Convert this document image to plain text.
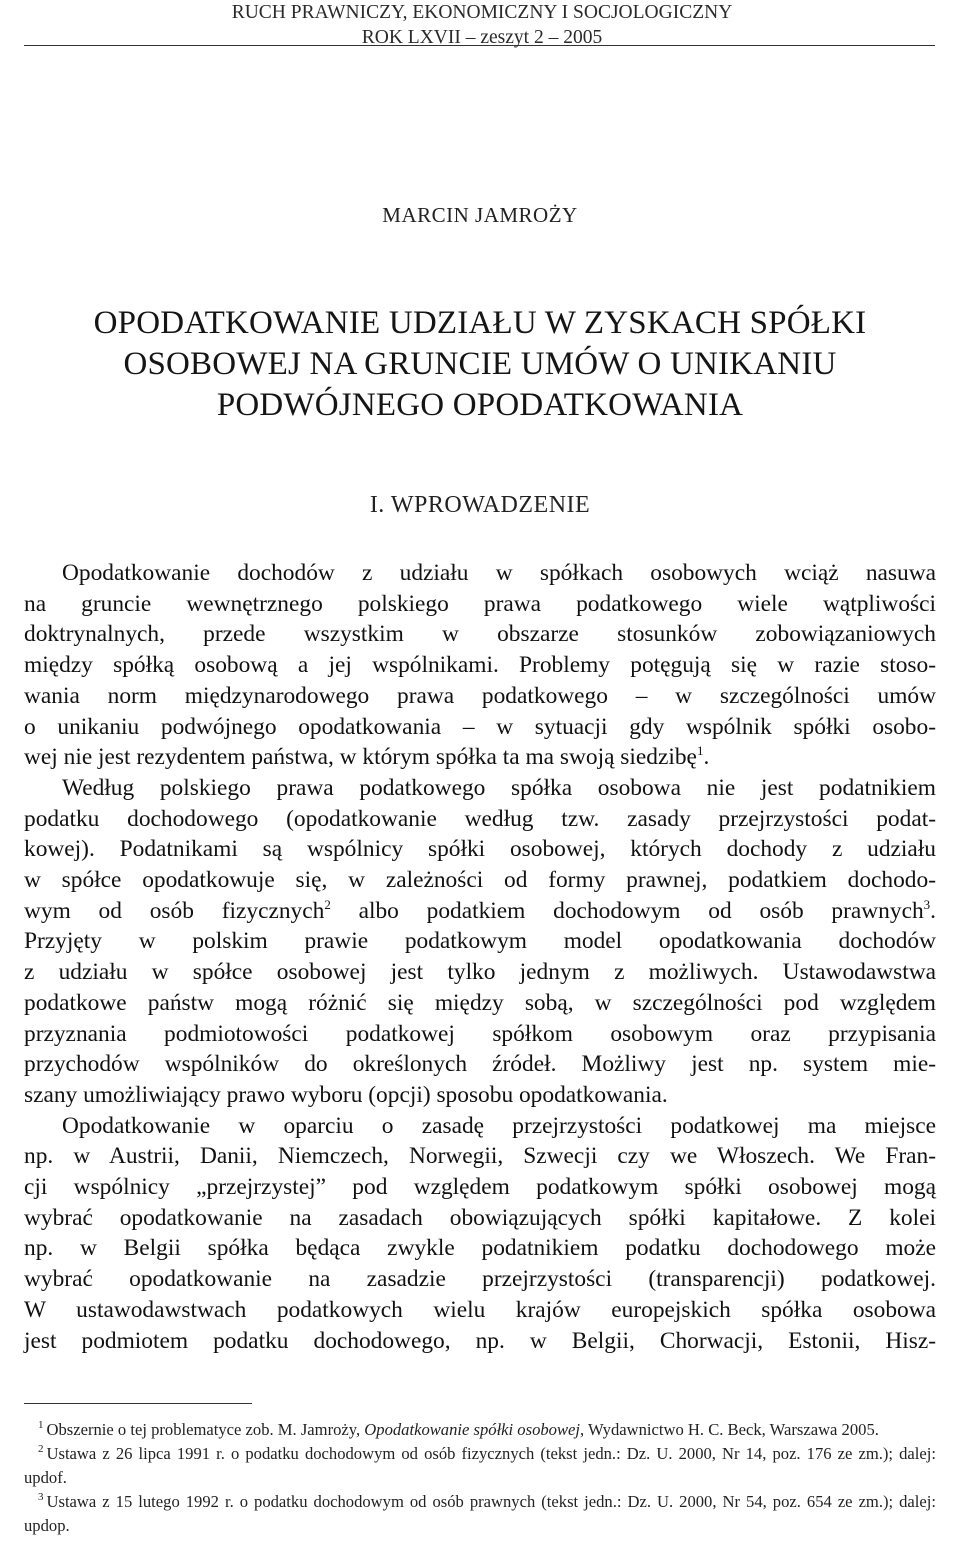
RUCH PRAWNICZY, EKONOMICZNY I SOCJOLOGICZNY
ROK LXVII – zeszyt 2 – 2005
MARCIN JAMROŻY
OPODATKOWANIE UDZIAŁU W ZYSKACH SPÓŁKI
OSOBOWEJ NA GRUNCIE UMÓW O UNIKANIU
PODWÓJNEGO OPODATKOWANIA
I. WPROWADZENIE

Opodatkowanie dochodów z udziału w spółkach osobowych wciąż nasuwa

na gruncie wewnętrznego polskiego prawa podatkowego wiele wątpliwości

doktrynalnych, przede wszystkim w obszarze stosunków zobowiązaniowych

między spółką osobową a jej wspólnikami. Problemy potęgują się w razie stoso-

wania norm międzynarodowego prawa podatkowego – w szczególności umów

o unikaniu podwójnego opodatkowania – w sytuacji gdy wspólnik spółki osobo-

wej nie jest rezydentem państwa, w którym spółka ta ma swoją siedzibę$^1$.

Według polskiego prawa podatkowego spółka osobowa nie jest podatnikiem

podatku dochodowego (opodatkowanie według tzw. zasady przejrzystości podat-

kowej). Podatnikami są wspólnicy spółki osobowej, których dochody z udziału

w spółce opodatkowuje się, w zależności od formy prawnej, podatkiem dochodo-

wym od osób fizycznych$^2$ albo podatkiem dochodowym od osób prawnych$^3$.

Przyjęty w polskim prawie podatkowym model opodatkowania dochodów

z udziału w spółce osobowej jest tylko jednym z możliwych. Ustawodawstwa

podatkowe państw mogą różnić się między sobą, w szczególności pod względem

przyznania podmiotowości podatkowej spółkom osobowym oraz przypisania

przychodów wspólników do określonych źródeł. Możliwy jest np. system mie-

szany umożliwiający prawo wyboru (opcji) sposobu opodatkowania.

Opodatkowanie w oparciu o zasadę przejrzystości podatkowej ma miejsce

np. w Austrii, Danii, Niemczech, Norwegii, Szwecji czy we Włoszech. We Fran-

cji wspólnicy „przejrzystej” pod względem podatkowym spółki osobowej mogą

wybrać opodatkowanie na zasadach obowiązujących spółki kapitałowe. Z kolei

np. w Belgii spółka będąca zwykle podatnikiem podatku dochodowego może

wybrać opodatkowanie na zasadzie przejrzystości (transparencji) podatkowej.

W ustawodawstwach podatkowych wielu krajów europejskich spółka osobowa

jest podmiotem podatku dochodowego, np. w Belgii, Chorwacji, Estonii, Hisz-

$^1$ Obszernie o tej problematyce zob. M. Jamroży, Opodatkowanie spółki osobowej, Wydawnictwo H. C. Beck, Warszawa 2005.

$^2$ Ustawa z 26 lipca 1991 r. o podatku dochodowym od osób fizycznych (tekst jedn.: Dz. U. 2000, Nr 14, poz. 176 ze zm.); dalej: updof.

$^3$ Ustawa z 15 lutego 1992 r. o podatku dochodowym od osób prawnych (tekst jedn.: Dz. U. 2000, Nr 54, poz. 654 ze zm.); dalej: updop.
